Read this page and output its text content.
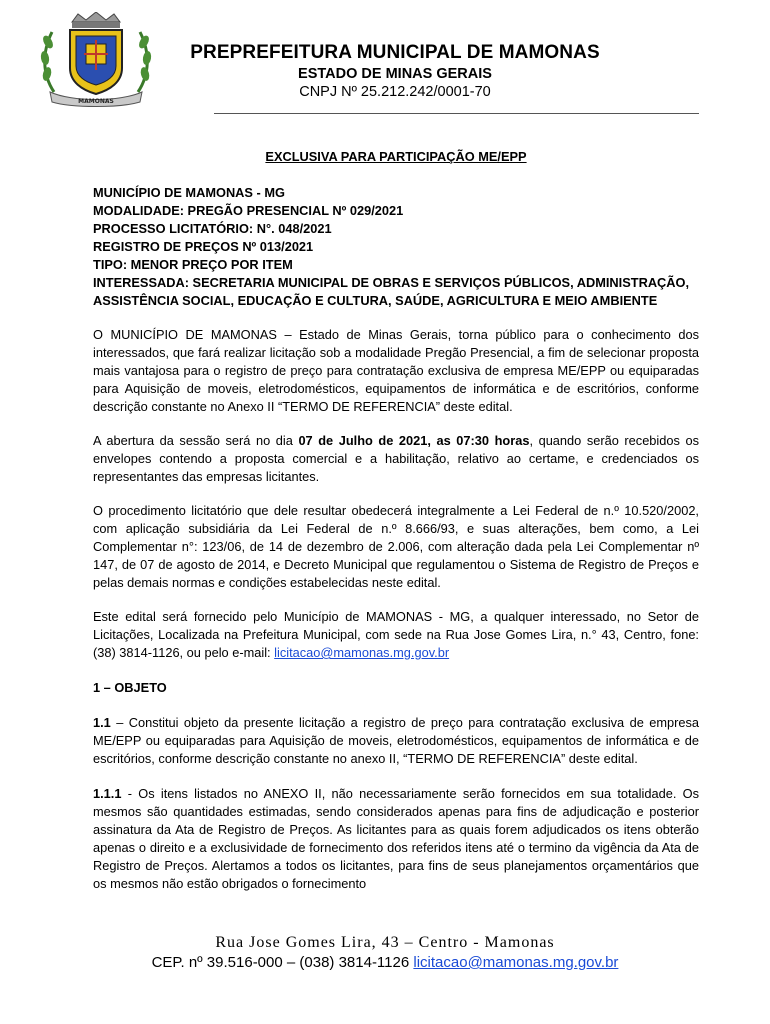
MAMONAS
PREPREFEITURA MUNICIPAL DE MAMONAS
ESTADO DE MINAS GERAIS
CNPJ Nº 25.212.242/0001-70
EXCLUSIVA PARA PARTICIPAÇÃO ME/EPP
MUNICÍPIO DE MAMONAS - MG
MODALIDADE: PREGÃO PRESENCIAL Nº 029/2021
PROCESSO LICITATÓRIO: N°. 048/2021
REGISTRO DE PREÇOS Nº 013/2021
TIPO: MENOR PREÇO POR ITEM
INTERESSADA: SECRETARIA MUNICIPAL DE OBRAS E SERVIÇOS PÚBLICOS, ADMINISTRAÇÃO,
ASSISTÊNCIA SOCIAL, EDUCAÇÃO E CULTURA, SAÚDE, AGRICULTURA E MEIO AMBIENTE

O MUNICÍPIO DE MAMONAS – Estado de Minas Gerais, torna público para o conhecimento dos interessados, que fará realizar licitação sob a modalidade Pregão Presencial, a fim de selecionar proposta mais vantajosa para o registro de preço para contratação exclusiva de empresa ME/EPP ou equiparadas para Aquisição de moveis, eletrodomésticos, equipamentos de informática e de escritórios, conforme descrição constante no Anexo II “TERMO DE REFERENCIA” deste edital.

A abertura da sessão será no dia 07 de Julho de 2021, as 07:30 horas, quando serão recebidos os envelopes contendo a proposta comercial e a habilitação, relativo ao certame, e credenciados os representantes das empresas licitantes.

O procedimento licitatório que dele resultar obedecerá integralmente a Lei Federal de n.º 10.520/2002, com aplicação subsidiária da Lei Federal de n.º 8.666/93, e suas alterações, bem como, a Lei Complementar n°: 123/06, de 14 de dezembro de 2.006, com alteração dada pela Lei Complementar nº 147, de 07 de agosto de 2014, e Decreto Municipal que regulamentou o Sistema de Registro de Preços e pelas demais normas e condições estabelecidas neste edital.

Este edital será fornecido pelo Município de MAMONAS - MG, a qualquer interessado, no Setor de Licitações, Localizada na Prefeitura Municipal, com sede na Rua Jose Gomes Lira, n.° 43, Centro, fone: (38) 3814-1126, ou pelo e-mail: licitacao@mamonas.mg.gov.br

1 – OBJETO

1.1 – Constitui objeto da presente licitação a registro de preço para contratação exclusiva de empresa ME/EPP ou equiparadas para Aquisição de moveis, eletrodomésticos, equipamentos de informática e de escritórios, conforme descrição constante no anexo II, “TERMO DE REFERENCIA” deste edital.

1.1.1 - Os itens listados no ANEXO II, não necessariamente serão fornecidos em sua totalidade. Os mesmos são quantidades estimadas, sendo considerados apenas para fins de adjudicação e posterior assinatura da Ata de Registro de Preços. As licitantes para as quais forem adjudicados os itens obterão apenas o direito e a exclusividade de fornecimento dos referidos itens até o termino da vigência da Ata de Registro de Preços. Alertamos a todos os licitantes, para fins de seus planejamentos orçamentários que os mesmos não estão obrigados o fornecimento

Rua Jose Gomes Lira, 43 – Centro - Mamonas
CEP. nº 39.516-000 – (038) 3814-1126 licitacao@mamonas.mg.gov.br
